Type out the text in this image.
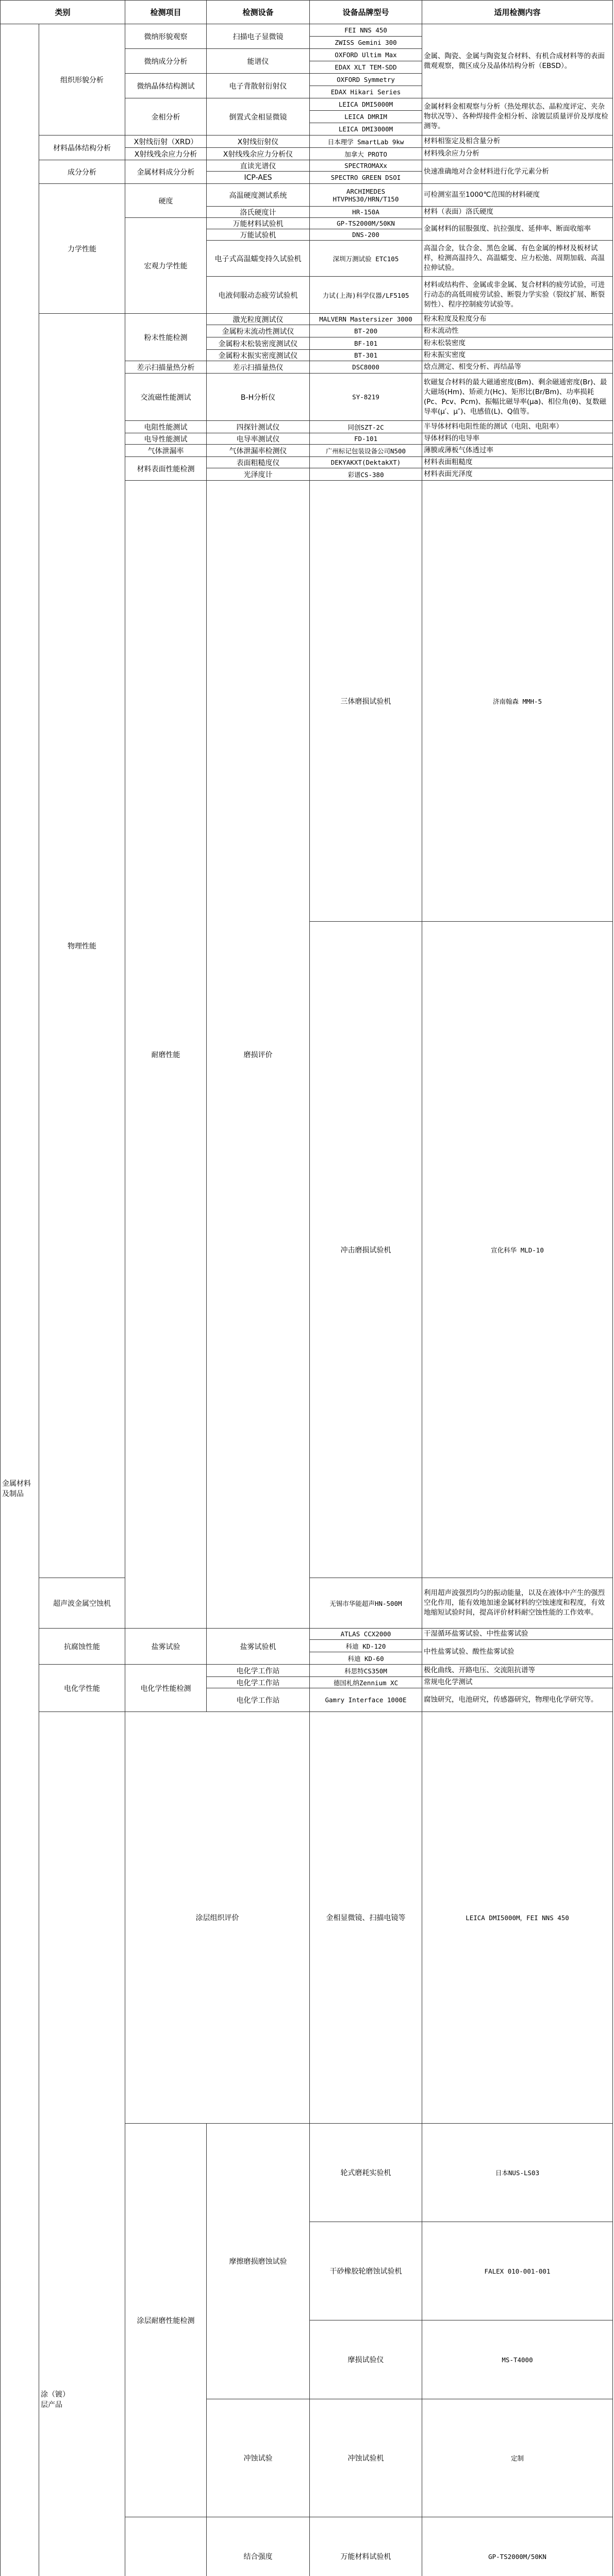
类别		检测项目	检测设备	设备品牌型号	适用检测内容	
金属材料
及制品	组织形貌分析	微纳形貌观察	扫描电子显微镜	FEI NNS 450	金属、陶瓷、金属与陶瓷复合材料、有机合成材料等的表面微观观察，微区成分及晶体结构分析（EBSD）。	
				ZWISS Gemini 300		
		微纳成分分析	能谱仪	OXFORD Ultim Max		
				EDAX XLT TEM-SDD		
		微纳晶体结构测试	电子背散射衍射仪	OXFORD Symmetry		
				EDAX Hikari Series		
		金相分析	倒置式金相显微镜	LEICA DMI5000M	金属材料金相观察与分析（热处理状态、晶粒度评定、夹杂物状况等）、各种焊接件金相分析、涂镀层质量评价及厚度检测等。	
				LEICA DMRIM		
				LEICA DMI3000M		
	材料晶体结构分析	X射线衍射（XRD）	X射线衍射仪	日本理学 SmartLab 9kw	材料相鉴定及相含量分析	
		X射线残余应力分析	X射线残余应力分析仪	加拿大 PROTO	材料残余应力分析	
	成分分析	金属材料成分分析	直读光谱仪	SPECTROMAXx	快速准确地对合金材料进行化学元素分析	
			ICP-AES	SPECTRO GREEN DSOI		
	力学性能	硬度	高温硬度测试系统	ARCHIMEDES
HTVPHS30/HRN/T150	可检测室温至1000℃范围的材料硬度	
			洛氏硬度计	HR-150A	材料（表面）洛氏硬度	
		宏观力学性能	万能材料试验机	GP-TS2000M/50KN	金属材料的屈服强度、抗拉强度、延伸率、断面收缩率	
			万能试验机	DNS-200		
			电子式高温蠕变持久试验机	深圳万测试验 ETC105	高温合金，钛合金、黑色金属、有色金属的棒材及板材试样，检测高温持久、高温蠕变、应力松弛、周期加载、高温拉伸试验。	
			电液伺服动态疲劳试验机	力试(上海)科学仪器/LF5105	材料或结构件、金属或非金属、复合材料的疲劳试验，可进行动态的高低周疲劳试验、断裂力学实验（裂纹扩展、断裂韧性）、程序控制疲劳试验等。	
	物理性能	粉末性能检测	激光粒度测试仪	MALVERN Mastersizer 3000	粉末粒度及粒度分布	
			金属粉末流动性测试仪	BT-200	粉末流动性	
			金属粉末松装密度测试仪	BF-101	粉末松装密度	
			金属粉末振实密度测试仪	BT-301	粉末振实密度	
		差示扫描量热分析	差示扫描量热仪	DSC8000	焓点测定、相变分析、再结晶等	
		交流磁性能测试	B-H分析仪	SY-8219	软磁复合材料的最大磁通密度(Bm)、剩余磁通密度(Br)、最大磁场(Hm)、矫顽力(Hc)、矩形比(Br/Bm)、功率损耗(Pc、Pcv、Pcm)、振幅比磁导率(μa)、相位角(θ)、复数磁导率(μ′、μ″)、电感值(L)、Q值等。	
		电阻性能测试	四探针测试仪	同创SZT-2C	半导体材料电阻性能的测试（电阻、电阻率）	
		电导性能测试	电导率测试仪	FD-101	导体材料的电导率	
		气体泄漏率	气体泄漏率检测仪	广州标记包装设备公司N500	薄膜或薄板气体透过率	
		材料表面性能检测	表面粗糙度仪	DEKYAKXT(DektakXT)	材料表面粗糙度	
			光泽度计	彩谱CS-380	材料表面光泽度	
		耐磨性能	磨损评价	三体磨损试验机	济南翰森 MMH-5	
				冲击磨损试验机	宣化科华 MLD-10	
	超声波金属空蚀机			无锡市华能超声HN-500M	利用超声波强烈均匀的振动能量，以及在液体中产生的强烈空化作用，能有效地加速金属材料的空蚀速度和程度，有效地缩短试验时间，提高评价材料耐空蚀性能的工作效率。	
	抗腐蚀性能	盐雾试验	盐雾试验机	ATLAS CCX2000	干湿循环盐雾试验、中性盐雾试验	
				科迪 KD-120	中性盐雾试验、酸性盐雾试验	
				科迪 KD-60		
	电化学性能	电化学性能检测	电化学工作站	科思特CS350M	极化曲线、开路电压、交流阻抗谱等	
			电化学工作站	德国札纳Zennium XC	常规电化学测试	
			电化学工作站	Gamry Interface 1000E	腐蚀研究，电池研究，传感器研究，物理电化学研究等。	
	涂（镀）
层产品	涂层组织评价		金相显微镜、扫描电镜等	LEICA DMI5000M，FEI NNS 450	
		涂层耐磨性能检测	摩擦磨损磨蚀试验	轮式磨耗实验机	日本NUS-LS03	
				干砂橡胶轮磨蚀试验机	FALEX 010-001-001	
				摩损试验仪	MS-T4000	
			冲蚀试验	冲蚀试验机	定制	
	结合强度	万能材料试验机	GP-TS2000M/50KN	
